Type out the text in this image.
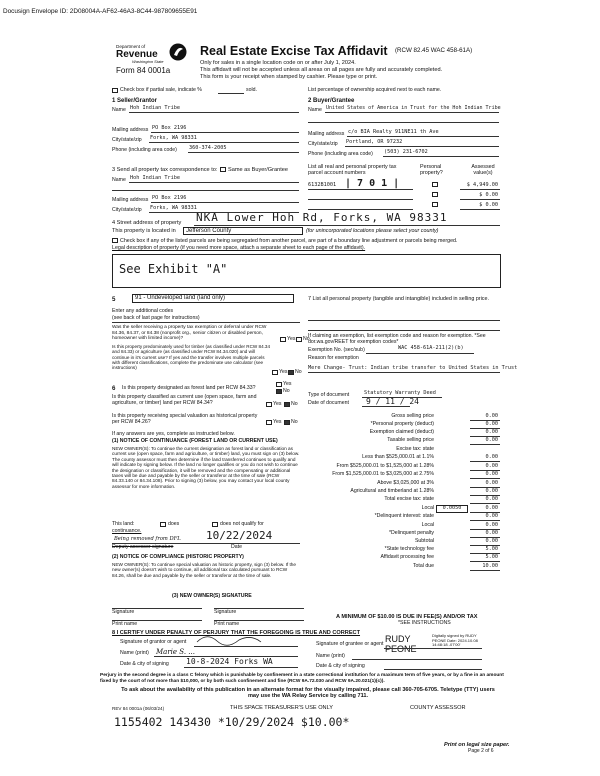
Docusign Envelope ID: 2D08004A-AF62-46A3-8C44-987809655E91
Department of
Revenue
Washington State
Form 84 0001a
Real Estate Excise Tax Affidavit (RCW 82.45 WAC 458-61A)
Only for sales in a single location code on or after July 1, 2024.
This affidavit will not be accepted unless all areas on all pages are fully and accurately completed.
This form is your receipt when stamped by cashier. Please type or print.
Check box if partial sale, indicate %	sold.	List percentage of ownership acquired next to each name.
1 Seller/Grantor
Name Hoh Indian Tribe
Mailing address PO Box 2196
City/state/zip Forks, WA 98331
Phone (including area code) 360-374-2005
2 Buyer/Grantee
Name United States of America in Trust for the Hoh Indian Tribe
Mailing address c/o BIA Realty 911NE11 th Ave
City/state/zip Portland, OR 97232
Phone (including area code) (503) 231-6702
3 Send all property tax correspondence to: Same as Buyer/Grantee
Name Hoh Indian Tribe
Mailing address PO Box 2196
City/state/zip Forks, WA 98331
List all real and personal property tax parcel account numbers
Personal property?
Assessed value(s)
6132B1001 | 7 0 1 |	$ 4,949.00
$ 0.00
$ 0.00
4 Street address of property NKA Lower Hoh Rd, Forks, WA 98331
This property is located in	Jefferson County	(for unincorporated locations please select your county)
Check box if any of the listed parcels are being segregated from another parcel, are part of a boundary line adjustment or parcels being merged.
Legal description of property (if you need more space, attach a separate sheet to each page of the affidavit).
See Exhibit "A"
5	91 - Undeveloped land (land only)
Enter any additional codes
(see back of last page for instructions)
Was the seller receiving a property tax exemption or deferral under RCW 84.36, 84.37, or 84.38 (nonprofit org., senior citizen or disabled person, homeowner with limited income)?	Yes No
Is this property predominately used for timber (as classified under RCW 84.34 and 84.33) or agriculture (as classified under RCW 84.34.020) and will continue in it's current use? If yes and the transfer involves multiple parcels with different classifications, complete the predominate use calculator (see instructions)
Yes No
6 Is this property designated as forest land per RCW 84.33?
Yes
No
Is this property classified as current use (open space, farm and agriculture, or timber) land per RCW 84.34?	Yes No
Is this property receiving special valuation as historical property per RCW 84.26?	Yes No
If any answers are yes, complete as instructed below.
(1) NOTICE OF CONTINUANCE (FOREST LAND OR CURRENT USE)
NEW OWNER(S): To continue the current designation as forest land or classification as current use (open space, farm and agriculture, or timber) land, you must sign on (3) below. The county assessor must then determine if the land transferred continues to qualify and will indicate by signing below. If the land no longer qualifies or you do not wish to continue the designation or classification, it will be removed and the compensating or additional taxes will be due and payable by the seller or transferor at the time of sale (RCW 84.33.140 or 84.34.108). Prior to signing (3) below, you may contact your local county assessor for more information.
This land:	does	does not qualify for
continuance.
Being removed from DFL 10/22/2024
Deputy assessor signature	Date
(2) NOTICE OF COMPLIANCE (HISTORIC PROPERTY)
NEW OWNER(S): To continue special valuation as historic property, sign (3) below. If the new owner(s) doesn't wish to continue, all additional tax calculated pursuant to RCW 84.26, shall be due and payable by the seller or transferor at the time of sale.
(3) NEW OWNER(S) SIGNATURE
Signature	Signature
Print name	Print name
7 List all personal property (tangible and intangible) included in selling price.
If claiming an exemption, list exemption code and reason for exemption. *See dor.wa.gov/REET for exemption codes*
Exemption No. (sec/sub)	WAC 458-61A-211(2)(b)
Reason for exemption
Mere Change- Trust: Indian tribe transfer to United States in Trust
Type of document	Statutory Warranty Deed
Date of document 9 / 11 / 24
Gross selling price	0.00
*Personal property (deduct)	0.00
Exemption claimed (deduct)	0.00
Taxable selling price	0.00
Excise tax: state
Less than $525,000.01 at 1.1%	0.00
From $525,000.01 to $1,525,000 at 1.28%	0.00
From $1,525,000.01 to $3,025,000 at 2.75%	0.00
Above $3,025,000 at 3%	0.00
Agricultural and timberland at 1.28%	0.00
Total excise tax: state	0.00
Local	0.00
*Delinquent interest: state	0.00
Local	0.00
*Delinquent penalty	0.00
Subtotal	0.00
*State technology fee	5.00
Affidavit processing fee	5.00
Total due	10.00
0.0050
A MINIMUM OF $10.00 IS DUE IN FEE(S) AND/OR TAX
*SEE INSTRUCTIONS
8 I CERTIFY UNDER PENALTY OF PERJURY THAT THE FOREGOING IS TRUE AND CORRECT
Signature of grantor or agent
Name (print) Marie S. ...
Date & city of signing 10-8-2024 Forks WA
Signature of grantee or agent RUDY
PEONE
Digitally signed by RUDY PEONE Date: 2024.10.08 14:48:18 -07'00'
Name (print)
Date & city of signing
Perjury in the second degree is a class C felony which is punishable by confinement in a state correctional institution for a maximum term of five years, or by a fine in an amount fixed by the court of not more than $10,000, or by both such confinement and fine (RCW 9A.72.030 and RCW 9A.20.021(1)(c)).
To ask about the availability of this publication in an alternate format for the visually impaired, please call 360-705-6705. Teletype (TTY) users may use the WA Relay Service by calling 711.
REV 84 0001a (06/03/24)	THIS SPACE TREASURER'S USE ONLY	COUNTY ASSESSOR
1155402 143430 *10/29/2024 $10.00*
Print on legal size paper.
Page 2 of 6
